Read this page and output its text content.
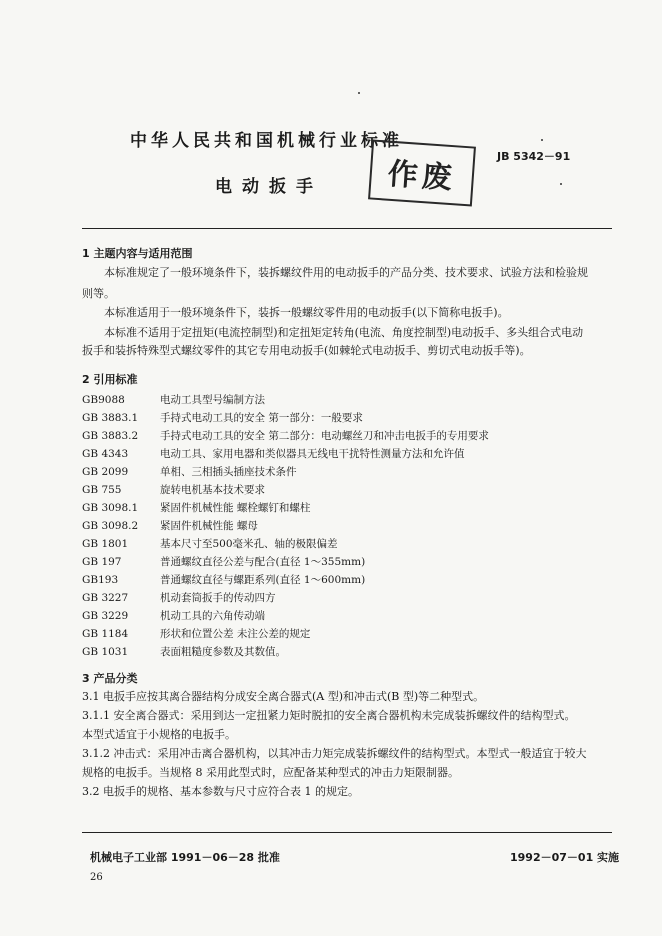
中华人民共和国机械行业标准
JB 5342－91
电动扳手 作废
1 主题内容与适用范围
本标准规定了一般环境条件下，装拆螺纹件用的电动扳手的产品分类、技术要求、试验方法和检验规
则等。
本标准适用于一般环境条件下，装拆一般螺纹零件用的电动扳手(以下简称电扳手)。
本标准不适用于定扭矩(电流控制型)和定扭矩定转角(电流、角度控制型)电动扳手、多头组合式电动
扳手和装拆特殊型式螺纹零件的其它专用电动扳手(如棘轮式电动扳手、剪切式电动扳手等)。
2 引用标准
GB9088	电动工具型号编制方法
GB 3883.1 手持式电动工具的安全 第一部分：一般要求
GB 3883.2 手持式电动工具的安全 第二部分：电动螺丝刀和冲击电扳手的专用要求
GB 4343	电动工具、家用电器和类似器具无线电干扰特性测量方法和允许值
GB 2099	单相、三相插头插座技术条件
GB 755	旋转电机基本技术要求
GB 3098.1 紧固件机械性能 螺栓螺钉和螺柱
GB 3098.2 紧固件机械性能 螺母
GB 1801	基本尺寸至500毫米孔、轴的极限偏差
GB 197	普通螺纹直径公差与配合(直径 1～355mm)
GB193	普通螺纹直径与螺距系列(直径 1～600mm)
GB 3227	机动套筒扳手的传动四方
GB 3229	机动工具的六角传动端
GB 1184	形状和位置公差 未注公差的规定
GB 1031	表面粗糙度参数及其数值。
3 产品分类
3.1 电扳手应按其离合器结构分成安全离合器式(A 型)和冲击式(B 型)等二种型式。
3.1.1 安全离合器式：采用到达一定扭紧力矩时脱扣的安全离合器机构未完成装拆螺纹件的结构型式。
本型式适宜于小规格的电扳手。
3.1.2 冲击式：采用冲击离合器机构，以其冲击力矩完成装拆螺纹件的结构型式。本型式一般适宜于较大
规格的电扳手。当规格 8 采用此型式时，应配备某种型式的冲击力矩限制器。
3.2 电扳手的规格、基本参数与尺寸应符合表 1 的规定。
机械电子工业部 1991－06－28 批准	1992－07－01 实施
26
